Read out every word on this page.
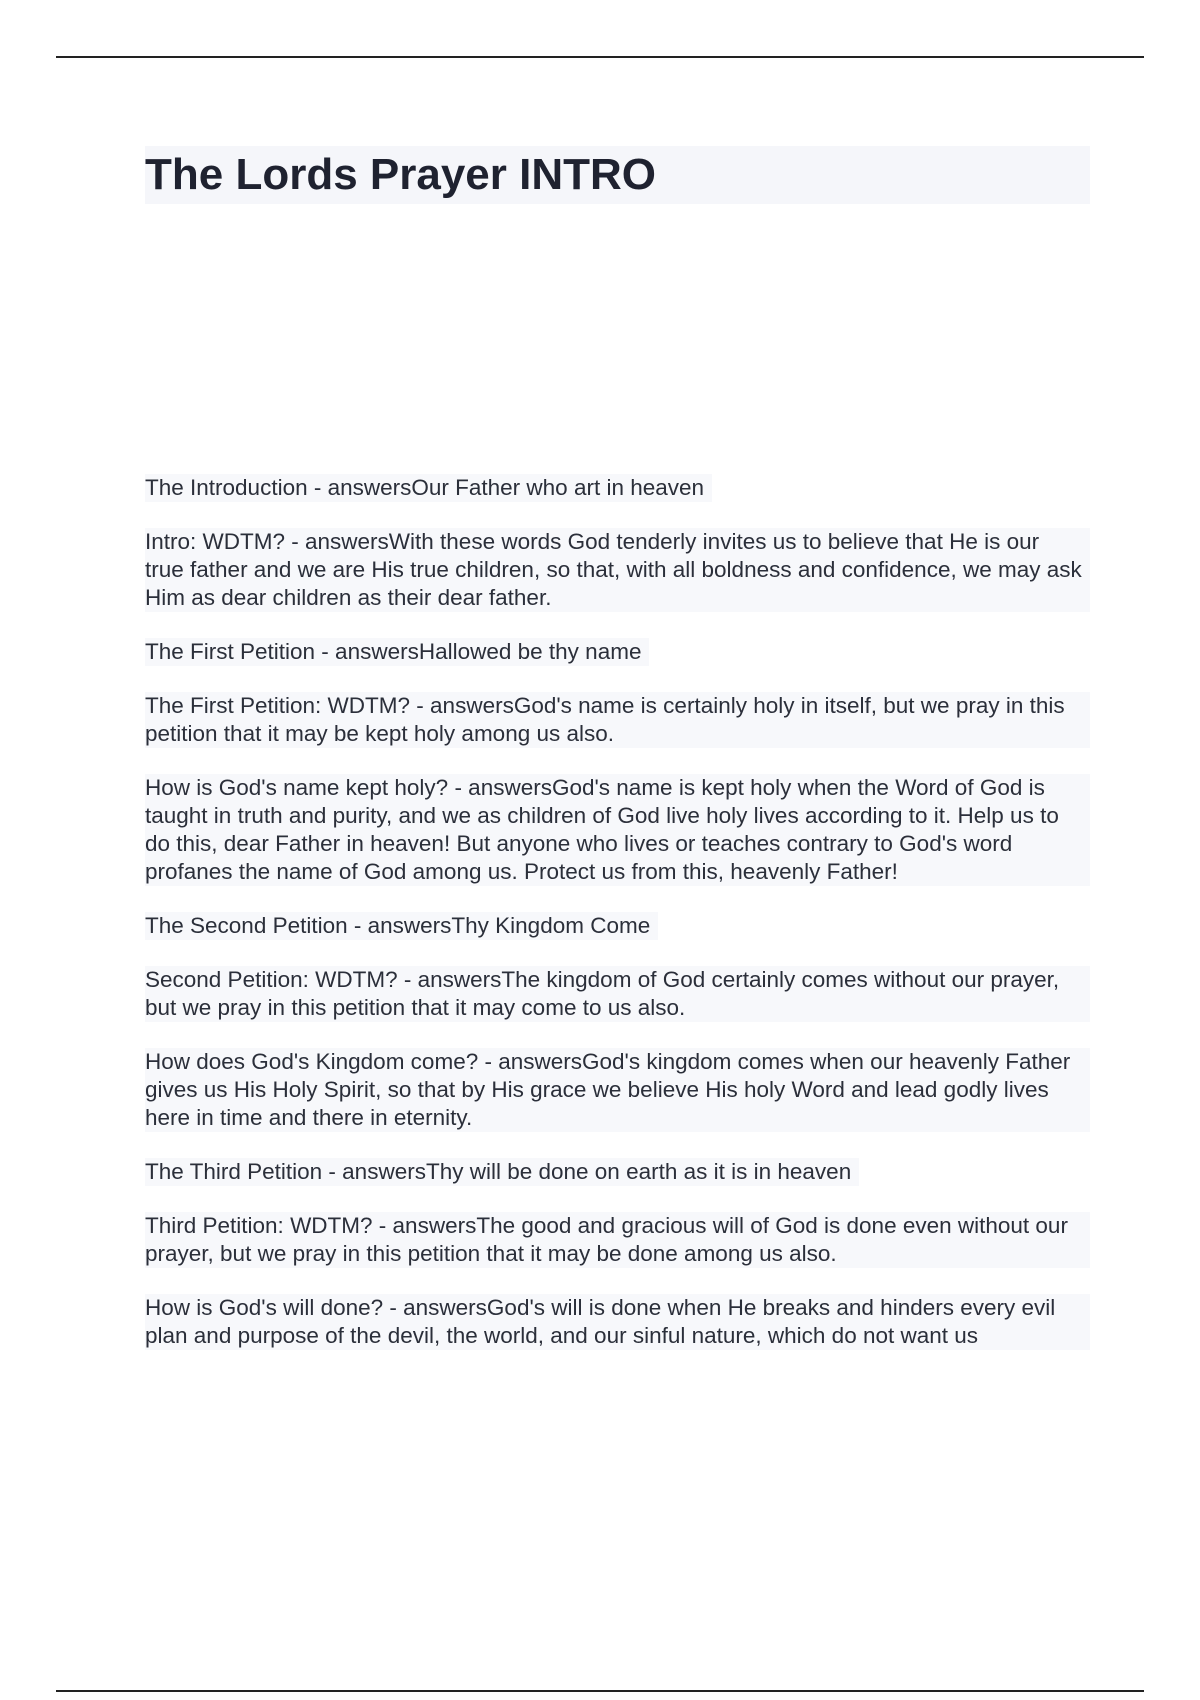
The Lords Prayer INTRO
The Introduction - answersOur Father who art in heaven
Intro: WDTM? - answersWith these words God tenderly invites us to believe that He is our true father and we are His true children, so that, with all boldness and confidence, we may ask Him as dear children as their dear father.
The First Petition - answersHallowed be thy name
The First Petition: WDTM? - answersGod's name is certainly holy in itself, but we pray in this petition that it may be kept holy among us also.
How is God's name kept holy? - answersGod's name is kept holy when the Word of God is taught in truth and purity, and we as children of God live holy lives according to it. Help us to do this, dear Father in heaven! But anyone who lives or teaches contrary to God's word profanes the name of God among us. Protect us from this, heavenly Father!
The Second Petition - answersThy Kingdom Come
Second Petition: WDTM? - answersThe kingdom of God certainly comes without our prayer, but we pray in this petition that it may come to us also.
How does God's Kingdom come? - answersGod's kingdom comes when our heavenly Father gives us His Holy Spirit, so that by His grace we believe His holy Word and lead godly lives here in time and there in eternity.
The Third Petition - answersThy will be done on earth as it is in heaven
Third Petition: WDTM? - answersThe good and gracious will of God is done even without our prayer, but we pray in this petition that it may be done among us also.
How is God's will done? - answersGod's will is done when He breaks and hinders every evil plan and purpose of the devil, the world, and our sinful nature, which do not want us
